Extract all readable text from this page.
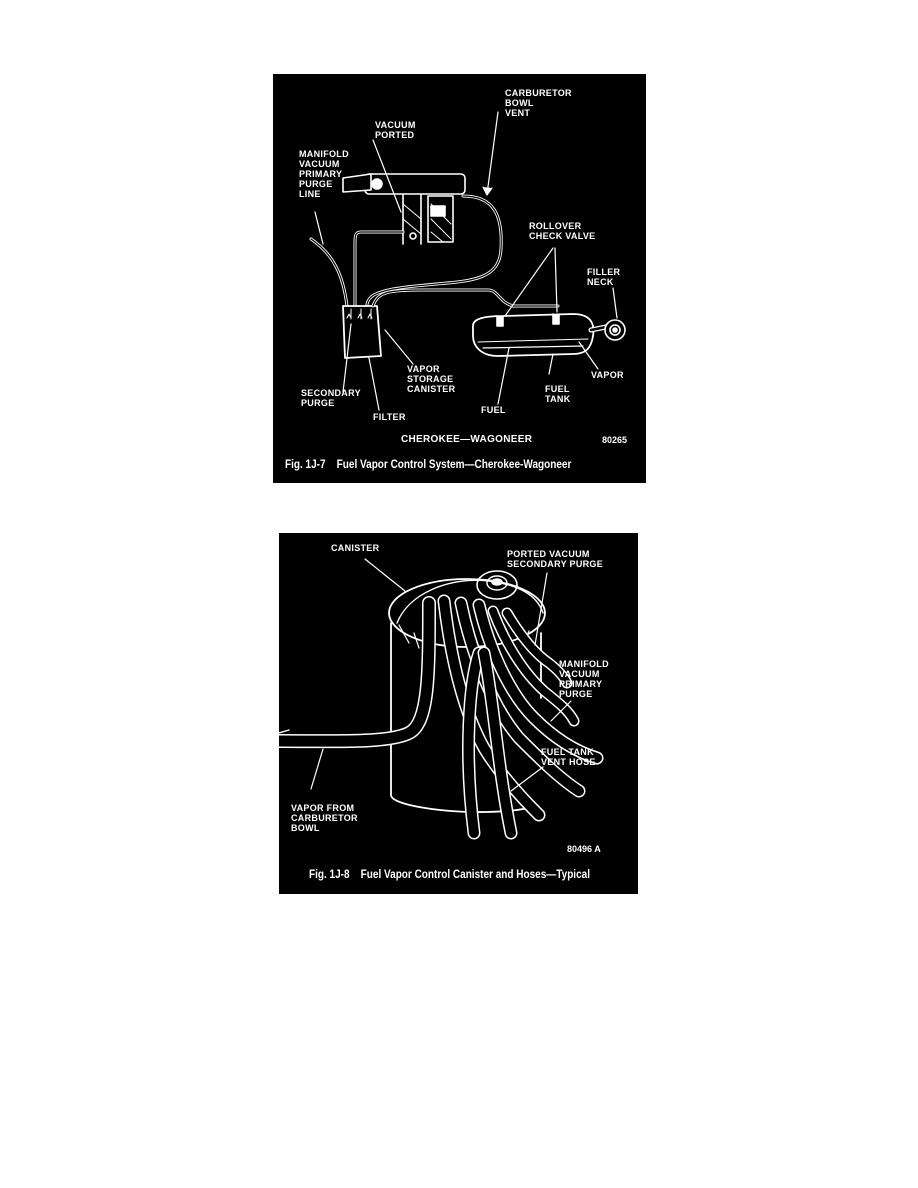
CARBURETOR
BOWL
VENT
VACUUM
PORTED
MANIFOLD
VACUUM
PRIMARY
PURGE
LINE
ROLLOVER
CHECK VALVE
FILLER
NECK
VAPOR
STORAGE
CANISTER
VAPOR
SECONDARY
PURGE
FUEL
TANK
FUEL
FILTER
CHEROKEE—WAGONEER	80265
Fig. 1J-7    Fuel Vapor Control System—Cherokee-Wagoneer
CANISTER
PORTED VACUUM
SECONDARY PURGE
MANIFOLD
VACUUM
PRIMARY
PURGE
FUEL TANK
VENT HOSE
VAPOR FROM
CARBURETOR
BOWL
80496 A
Fig. 1J-8    Fuel Vapor Control Canister and Hoses—Typical
